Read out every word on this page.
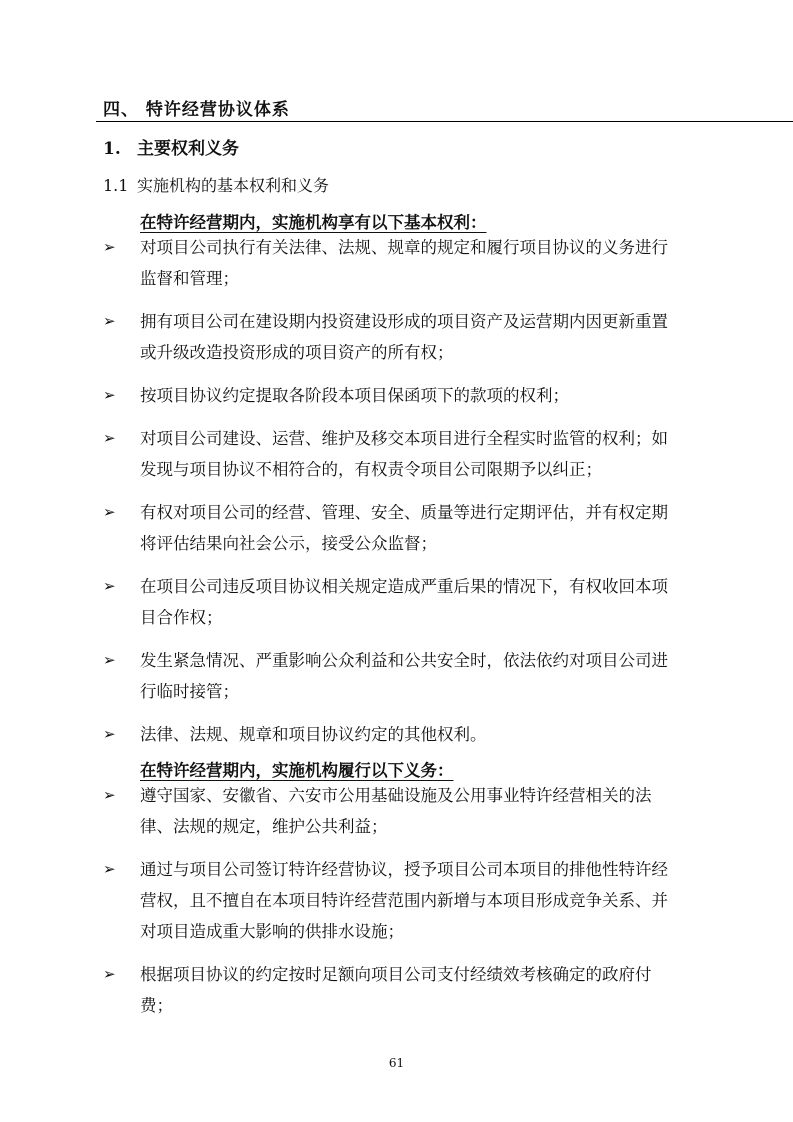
四、 特许经营协议体系
1. 主要权利义务
1.1 实施机构的基本权利和义务
在特许经营期内，实施机构享有以下基本权利：
➢ 对项目公司执行有关法律、法规、规章的规定和履行项目协议的义务进行监督和管理；
➢ 拥有项目公司在建设期内投资建设形成的项目资产及运营期内因更新重置或升级改造投资形成的项目资产的所有权；
➢ 按项目协议约定提取各阶段本项目保函项下的款项的权利；
➢ 对项目公司建设、运营、维护及移交本项目进行全程实时监管的权利；如发现与项目协议不相符合的，有权责令项目公司限期予以纠正；
➢ 有权对项目公司的经营、管理、安全、质量等进行定期评估，并有权定期将评估结果向社会公示，接受公众监督；
➢ 在项目公司违反项目协议相关规定造成严重后果的情况下，有权收回本项目合作权；
➢ 发生紧急情况、严重影响公众利益和公共安全时，依法依约对项目公司进行临时接管；
➢ 法律、法规、规章和项目协议约定的其他权利。
在特许经营期内，实施机构履行以下义务：
➢ 遵守国家、安徽省、六安市公用基础设施及公用事业特许经营相关的法律、法规的规定，维护公共利益；
➢ 通过与项目公司签订特许经营协议，授予项目公司本项目的排他性特许经营权，且不擅自在本项目特许经营范围内新增与本项目形成竞争关系、并对项目造成重大影响的供排水设施；
➢ 根据项目协议的约定按时足额向项目公司支付经绩效考核确定的政府付费；
61
